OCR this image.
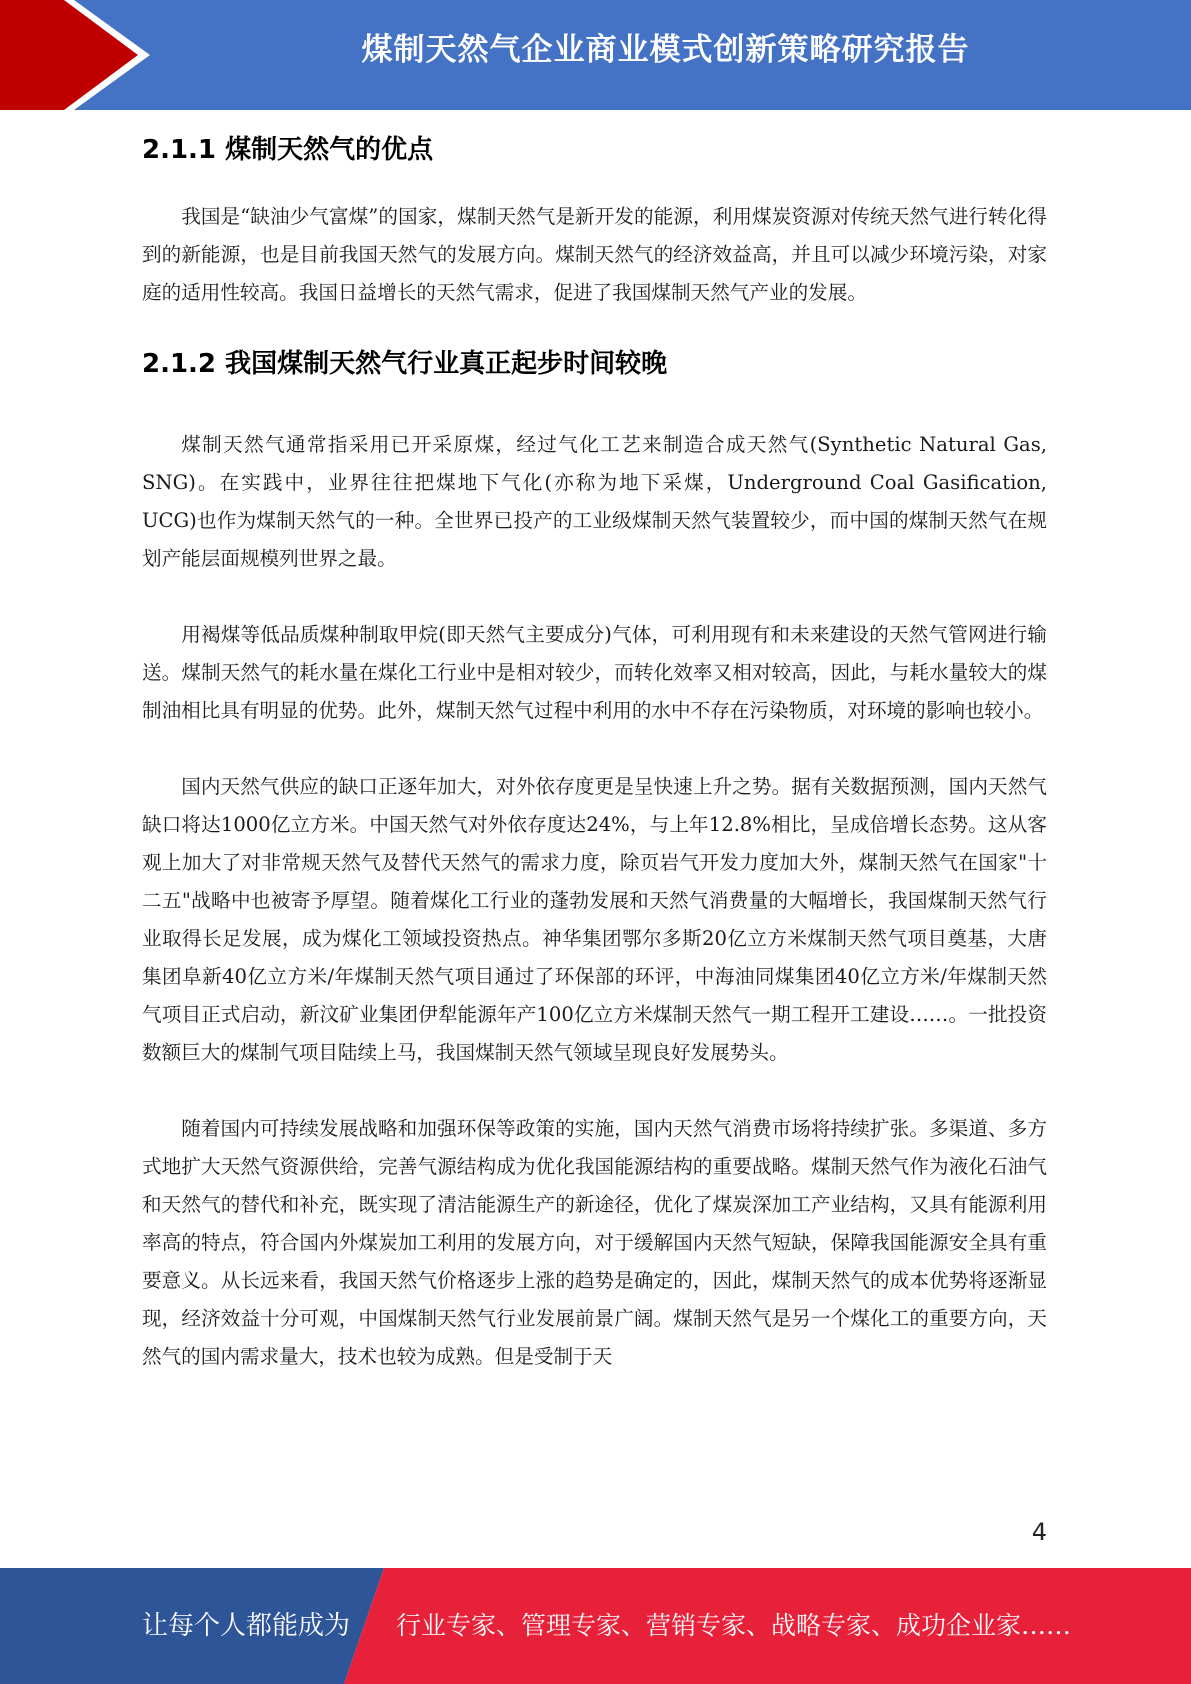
煤制天然气企业商业模式创新策略研究报告
2.1.1 煤制天然气的优点

我国是“缺油少气富煤”的国家，煤制天然气是新开发的能源，利用煤炭资源对传统天然气进行转化得到的新能源，也是目前我国天然气的发展方向。煤制天然气的经济效益高，并且可以减少环境污染，对家庭的适用性较高。我国日益增长的天然气需求，促进了我国煤制天然气产业的发展。

2.1.2 我国煤制天然气行业真正起步时间较晚

煤制天然气通常指采用已开采原煤，经过气化工艺来制造合成天然气(Synthetic Natural Gas, SNG)。在实践中，业界往往把煤地下气化(亦称为地下采煤，Underground Coal Gasification, UCG)也作为煤制天然气的一种。全世界已投产的工业级煤制天然气装置较少，而中国的煤制天然气在规划产能层面规模列世界之最。

用褐煤等低品质煤种制取甲烷(即天然气主要成分)气体，可利用现有和未来建设的天然气管网进行输送。煤制天然气的耗水量在煤化工行业中是相对较少，而转化效率又相对较高，因此，与耗水量较大的煤制油相比具有明显的优势。此外，煤制天然气过程中利用的水中不存在污染物质，对环境的影响也较小。

国内天然气供应的缺口正逐年加大，对外依存度更是呈快速上升之势。据有关数据预测，国内天然气缺口将达1000亿立方米。中国天然气对外依存度达24%，与上年12.8%相比，呈成倍增长态势。这从客观上加大了对非常规天然气及替代天然气的需求力度，除页岩气开发力度加大外，煤制天然气在国家"十二五"战略中也被寄予厚望。随着煤化工行业的蓬勃发展和天然气消费量的大幅增长，我国煤制天然气行业取得长足发展，成为煤化工领域投资热点。神华集团鄂尔多斯20亿立方米煤制天然气项目奠基，大唐集团阜新40亿立方米/年煤制天然气项目通过了环保部的环评，中海油同煤集团40亿立方米/年煤制天然气项目正式启动，新汶矿业集团伊犁能源年产100亿立方米煤制天然气一期工程开工建设……。一批投资数额巨大的煤制气项目陆续上马，我国煤制天然气领域呈现良好发展势头。

随着国内可持续发展战略和加强环保等政策的实施，国内天然气消费市场将持续扩张。多渠道、多方式地扩大天然气资源供给，完善气源结构成为优化我国能源结构的重要战略。煤制天然气作为液化石油气和天然气的替代和补充，既实现了清洁能源生产的新途径，优化了煤炭深加工产业结构，又具有能源利用率高的特点，符合国内外煤炭加工利用的发展方向，对于缓解国内天然气短缺，保障我国能源安全具有重要意义。从长远来看，我国天然气价格逐步上涨的趋势是确定的，因此，煤制天然气的成本优势将逐渐显现，经济效益十分可观，中国煤制天然气行业发展前景广阔。煤制天然气是另一个煤化工的重要方向，天然气的国内需求量大，技术也较为成熟。但是受制于天

4
让每个人都能成为 行业专家、管理专家、营销专家、战略专家、成功企业家……
